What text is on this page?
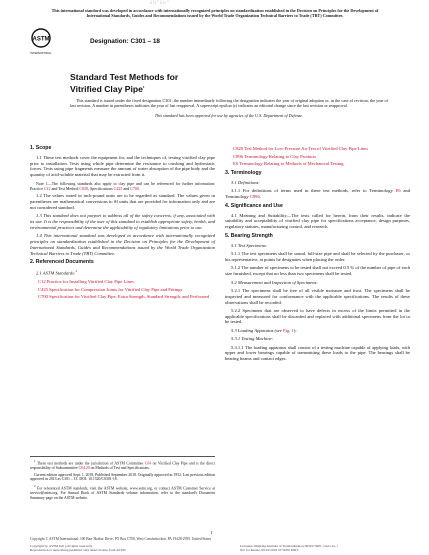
à¼”à¼”
This international standard was developed in accordance with internationally recognized principles on standardization established in the Decision on Principles for the Development of International Standards, Guides and Recommendations issued by the World Trade Organization Technical Barriers to Trade (TBT) Committee.
ASTM
INTERNATIONAL
Designation: C301 – 18
Standard Test Methods for
Vitrified Clay Pipe$^1$

This standard is issued under the fixed designation C301; the number immediately following the designation indicates the year of original adoption or, in the case of revision, the year of last revision. A number in parentheses indicates the year of last reapproval. A superscript epsilon (ε) indicates an editorial change since the last revision or reapproval.

This standard has been approved for use by agencies of the U.S. Department of Defense.

1. Scope

1.1 These test methods cover the equipment for, and the techniques of, testing vitrified clay pipe prior to installation. Tests using whole pipe determine the resistance to crushing and hydrostatic forces. Tests using pipe fragments measure the amount of water absorption of the pipe body and the quantity of acid-soluble material that may be extracted from it.

Note 1—The following standards also apply to clay pipe and can be referenced for further information: Practice C12 and Test Method C828, Specifications C425 and C700.

1.2 The values stated in inch-pound units are to be regarded as standard. The values given in parentheses are mathematical conversions to SI units that are provided for information only and are not considered standard.

1.3 This standard does not purport to address all of the safety concerns, if any, associated with its use. It is the responsibility of the user of this standard to establish appropriate safety, health, and environmental practices and determine the applicability of regulatory limitations prior to use.

1.4 This international standard was developed in accordance with internationally recognized principles on standardization established in the Decision on Principles for the Development of International Standards, Guides and Recommendations issued by the World Trade Organization Technical Barriers to Trade (TBT) Committee.

2. Referenced Documents

2.1 ASTM Standards:$^2$

C12 Practice for Installing Vitrified Clay Pipe Lines

C425 Specification for Compression Joints for Vitrified Clay Pipe and Fittings

C700 Specification for Vitrified Clay Pipe, Extra Strength, Standard Strength, and Perforated

C828 Test Method for Low-Pressure Air Test of Vitrified Clay Pipe Lines

C896 Terminology Relating to Clay Products

E6 Terminology Relating to Methods of Mechanical Testing

3. Terminology

3.1 Definitions:

3.1.1 For definitions of terms used in these test methods, refer to Terminology E6 and Terminology C896.

4. Significance and Use

4.1 Meaning and Suitability—The tests called for herein, from their results, indicate the suitability and acceptability of vitrified clay pipe for specifications acceptance, design purposes, regulatory statutes, manufacturing control, and research.

5. Bearing Strength

5.1 Test Specimens:

5.1.1 The test specimens shall be sound, full-size pipe and shall be selected by the purchaser, or his representative, at points he designates when placing the order.

5.1.2 The number of specimens to be tested shall not exceed 0.5 % of the number of pipe of each size furnished, except that no less than two specimens shall be tested.

5.2 Measurement and Inspection of Specimens:

5.2.1 The specimens shall be free of all visible moisture and frost. The specimens shall be inspected and measured for conformance with the applicable specifications. The results of these observations shall be recorded.

5.2.2 Specimens that are observed to have defects in excess of the limits permitted in the applicable specifications shall be discarded and replaced with additional specimens from the lot to be tested.

5.3 Loading Apparatus (see Fig. 1):

5.3.1 Testing Machine:

5.3.1.1 The loading apparatus shall consist of a testing machine capable of applying loads, with upper and lower bearings capable of transmitting these loads to the pipe. The bearings shall be bearing beams and contact edges.

$^1$ These test methods are under the jurisdiction of ASTM Committee C04 on Vitrified Clay Pipe and is the direct responsibility of Subcommittee C04.20 on Methods of Test and Specifications.

Current edition approved Sept. 1, 2018. Published September 2018. Originally approved in 1952. Last previous edition approved in 2013 as C301 – 13. DOI: 10.1520/C0301-18.

$^2$ For referenced ASTM standards, visit the ASTM website, www.astm.org, or contact ASTM Customer Service at service@astm.org. For Annual Book of ASTM Standards volume information, refer to the standard's Document Summary page on the ASTM website.

1
Copyright © ASTM International, 100 Barr Harbor Drive, PO Box C700, West Conshohocken, PA 19428-2959. United States
Copyright by ASTM Int'l (all rights reserved);
Reproduction or networking permitted only under license from ASTM
Licensee=Zhejiang Institute of Standardization/5959173001, User=xx, r
Not for Resale, 09/10/2018 10:54:00 MDT
